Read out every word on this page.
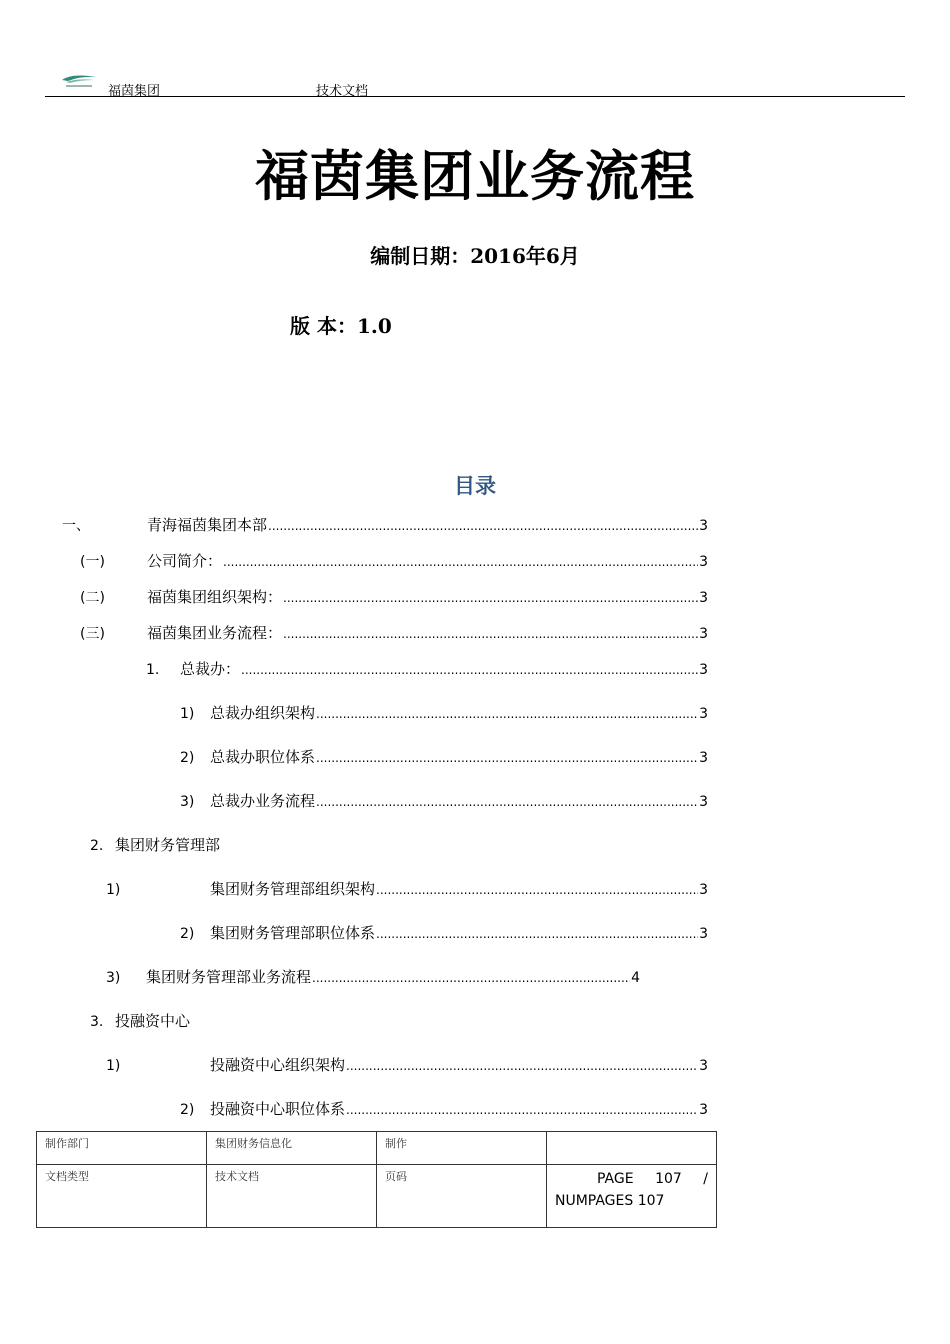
福茵集团	技术文档
福茵集团业务流程
编制日期：2016年6月
版 本：1.0
目录
一、	青海福茵集团本部 .....	3
(一)	公司简介： .....	3
(二)	福茵集团组织架构： .....	3
(三)	福茵集团业务流程： .....	3
1.	总裁办： .....	3
1)	总裁办组织架构 .....	3
2)	总裁办职位体系 .....	3
3)	总裁办业务流程 .....	3
2. 集团财务管理部
1)	集团财务管理部组织架构 .....	3
2)	集团财务管理部职位体系 .....	3
3)	集团财务管理部业务流程 .....	4
3. 投融资中心
1)	投融资中心组织架构 .....	3
2)	投融资中心职位体系 .....	3
制作部门	集团财务信息化	制作	
文档类型	技术文档	页码	PAGE 107 /
NUMPAGES 107
